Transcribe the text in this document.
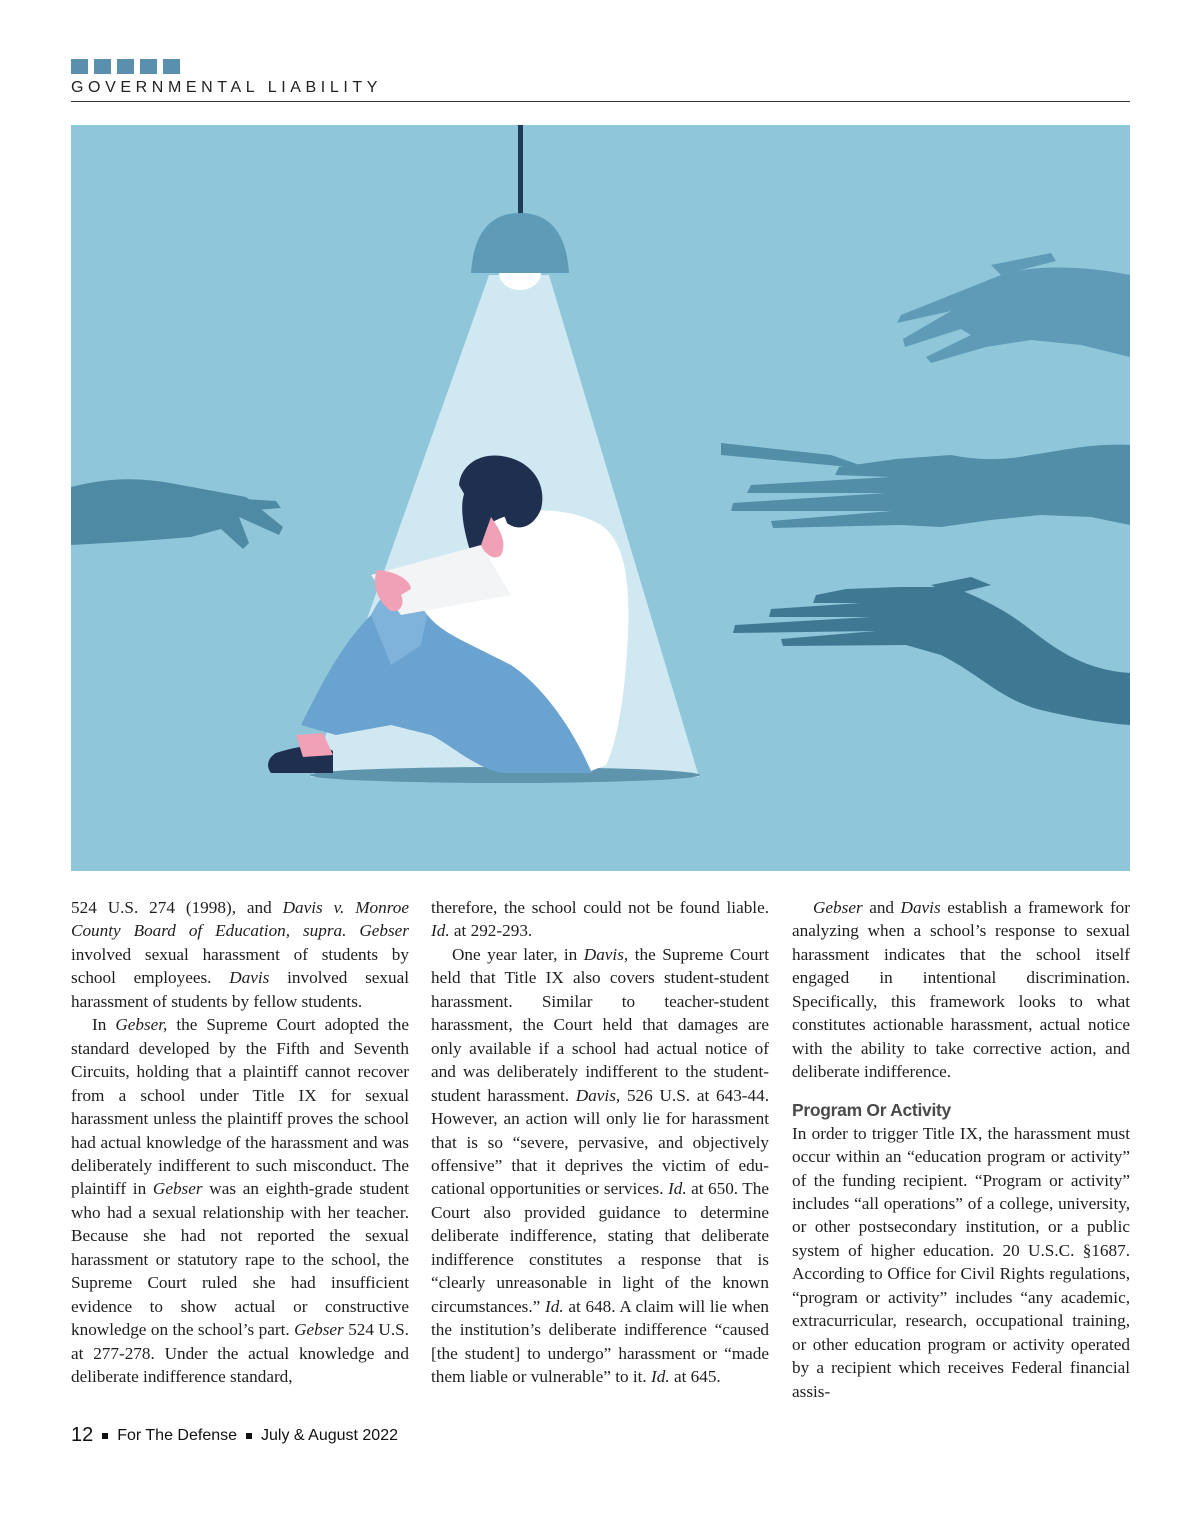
GOVERNMENTAL LIABILITY

524 U.S. 274 (1998), and Davis v. Monroe County Board of Education, supra. Gebser involved sexual harassment of students by school employees. Davis involved sexual harassment of students by fellow students.

In Gebser, the Supreme Court adopted the standard developed by the Fifth and Seventh Circuits, holding that a plaintiff cannot recover from a school under Title IX for sexual harassment unless the plaintiff proves the school had actual knowledge of the harassment and was deliberately indifferent to such misconduct. The plaintiff in Gebser was an eighth-grade student who had a sexual relationship with her teacher. Because she had not reported the sexual harassment or statutory rape to the school, the Supreme Court ruled she had insufficient evidence to show actual or constructive knowledge on the school’s part. Gebser 524 U.S. at 277-278. Under the actual knowledge and deliberate indifference standard,

therefore, the school could not be found liable. Id. at 292-293.

One year later, in Davis, the Supreme Court held that Title IX also covers student-student harassment. Similar to teacher-student harassment, the Court held that damages are only available if a school had actual notice of and was deliberately indifferent to the student-student harassment. Davis, 526 U.S. at 643-44. However, an action will only lie for harassment that is so “severe, pervasive, and objectively offensive” that it deprives the victim of educational opportunities or services. Id. at 650. The Court also provided guidance to determine deliberate indifference, stating that deliberate indifference constitutes a response that is “clearly unreasonable in light of the known circumstances.” Id. at 648. A claim will lie when the institution’s deliberate indifference “caused [the student] to undergo” harassment or “made them liable or vulnerable” to it. Id. at 645.

Gebser and Davis establish a framework for analyzing when a school’s response to sexual harassment indicates that the school itself engaged in intentional discrimination. Specifically, this framework looks to what constitutes actionable harassment, actual notice with the ability to take corrective action, and deliberate indifference.

Program Or Activity

In order to trigger Title IX, the harassment must occur within an “education program or activity” of the funding recipient. “Program or activity” includes “all operations” of a college, university, or other postsecondary institution, or a public system of higher education. 20 U.S.C. §1687. According to Office for Civil Rights regulations, “program or activity” includes “any academic, extracurricular, research, occupational training, or other education program or activity operated by a recipient which receives Federal financial assis-

12 For The Defense July & August 2022
